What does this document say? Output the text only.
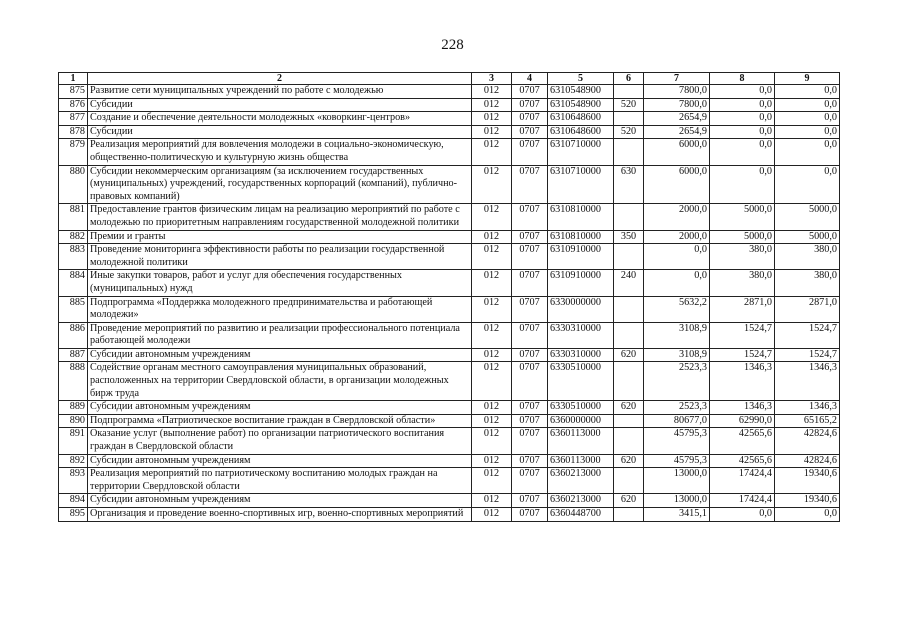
228
1	2	3	4	5	6	7	8	9
875	Развитие сети муниципальных учреждений по работе с молодежью	012	0707	6310548900		7800,0	0,0	0,0
876	Субсидии	012	0707	6310548900	520	7800,0	0,0	0,0
877	Создание и обеспечение деятельности молодежных «коворкинг-центров»	012	0707	6310648600		2654,9	0,0	0,0
878	Субсидии	012	0707	6310648600	520	2654,9	0,0	0,0
879	Реализация мероприятий для вовлечения молодежи в социально-экономическую, общественно-политическую и культурную жизнь общества	012	0707	6310710000		6000,0	0,0	0,0
880	Субсидии некоммерческим организациям (за исключением государственных (муниципальных) учреждений, государственных корпораций (компаний), публично-правовых компаний)	012	0707	6310710000	630	6000,0	0,0	0,0
881	Предоставление грантов физическим лицам на реализацию мероприятий по работе с молодежью по приоритетным направлениям государственной молодежной политики	012	0707	6310810000		2000,0	5000,0	5000,0
882	Премии и гранты	012	0707	6310810000	350	2000,0	5000,0	5000,0
883	Проведение мониторинга эффективности работы по реализации государственной молодежной политики	012	0707	6310910000		0,0	380,0	380,0
884	Иные закупки товаров, работ и услуг для обеспечения государственных (муниципальных) нужд	012	0707	6310910000	240	0,0	380,0	380,0
885	Подпрограмма «Поддержка молодежного предпринимательства и работающей молодежи»	012	0707	6330000000		5632,2	2871,0	2871,0
886	Проведение мероприятий по развитию и реализации профессионального потенциала работающей молодежи	012	0707	6330310000		3108,9	1524,7	1524,7
887	Субсидии автономным учреждениям	012	0707	6330310000	620	3108,9	1524,7	1524,7
888	Содействие органам местного самоуправления муниципальных образований, расположенных на территории Свердловской области, в организации молодежных бирж труда	012	0707	6330510000		2523,3	1346,3	1346,3
889	Субсидии автономным учреждениям	012	0707	6330510000	620	2523,3	1346,3	1346,3
890	Подпрограмма «Патриотическое воспитание граждан в Свердловской области»	012	0707	6360000000		80677,0	62990,0	65165,2
891	Оказание услуг (выполнение работ) по организации патриотического воспитания граждан в Свердловской области	012	0707	6360113000		45795,3	42565,6	42824,6
892	Субсидии автономным учреждениям	012	0707	6360113000	620	45795,3	42565,6	42824,6
893	Реализация мероприятий по патриотическому воспитанию молодых граждан на территории Свердловской области	012	0707	6360213000		13000,0	17424,4	19340,6
894	Субсидии автономным учреждениям	012	0707	6360213000	620	13000,0	17424,4	19340,6
895	Организация и проведение военно-спортивных игр, военно-спортивных мероприятий	012	0707	6360448700		3415,1	0,0	0,0
